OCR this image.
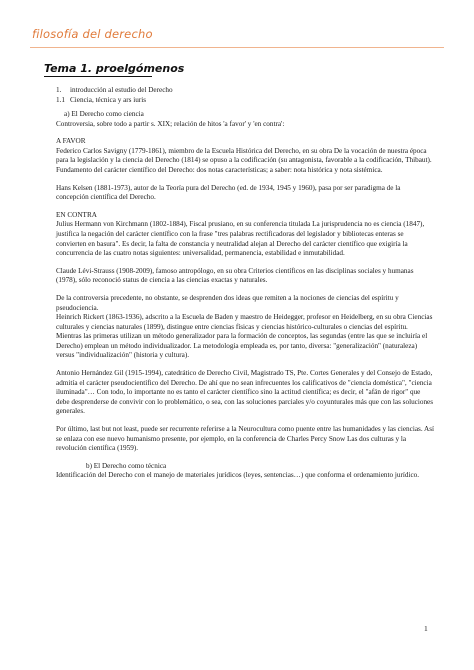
filosofía del derecho
Tema 1. proelgómenos
1.	introducción al estudio del Derecho
1.1 Ciencia, técnica y ars iuris

a) El Derecho como ciencia

Controversia, sobre todo a partir s. XIX; relación de hitos 'a favor' y 'en contra':

A FAVOR

Federico Carlos Savigny (1779-1861), miembro de la Escuela Histórica del Derecho, en su obra De la vocación de nuestra época para la legislación y la ciencia del Derecho (1814) se opuso a la codificación (su antagonista, favorable a la codificación, Thibaut). Fundamento del carácter científico del Derecho: dos notas características; a saber: nota histórica y nota sistémica.

Hans Kelsen (1881-1973), autor de la Teoría pura del Derecho (ed. de 1934, 1945 y 1960), pasa por ser paradigma de la concepción científica del Derecho.

EN CONTRA

Julius Hermann von Kirchmann (1802-1884), Fiscal prusiano, en su conferencia titulada La jurisprudencia no es ciencia (1847), justifica la negación del carácter científico con la frase "tres palabras rectificadoras del legislador y bibliotecas enteras se convierten en basura". Es decir, la falta de constancia y neutralidad alejan al Derecho del carácter científico que exigiría la concurrencia de las cuatro notas siguientes: universalidad, permanencia, estabilidad e inmutabilidad.

Claude Lévi-Strauss (1908-2009), famoso antropólogo, en su obra Criterios científicos en las disciplinas sociales y humanas (1978), sólo reconoció status de ciencia a las ciencias exactas y naturales.

De la controversia precedente, no obstante, se desprenden dos ideas que remiten a la nociones de ciencias del espíritu y pseudociencia.

Heinrich Rickert (1863-1936), adscrito a la Escuela de Baden y maestro de Heidegger, profesor en Heidelberg, en su obra Ciencias culturales y ciencias naturales (1899), distingue entre ciencias físicas y ciencias histórico-culturales o ciencias del espíritu. Mientras las primeras utilizan un método generalizador para la formación de conceptos, las segundas (entre las que se incluiría el Derecho) emplean un método individualizador. La metodología empleada es, por tanto, diversa: "generalización" (naturaleza) versus "individualización" (historia y cultura).

Antonio Hernández Gil (1915-1994), catedrático de Derecho Civil, Magistrado TS, Pte. Cortes Generales y del Consejo de Estado, admitía el carácter pseudocientífico del Derecho. De ahí que no sean infrecuentes los calificativos de "ciencia doméstica", "ciencia iluminada"… Con todo, lo importante no es tanto el carácter científico sino la actitud científica; es decir, el "afán de rigor" que debe desprenderse de convivir con lo problemático, o sea, con las soluciones parciales y/o coyunturales más que con las soluciones generales.

Por último, last but not least, puede ser recurrente referirse a la Neurocultura como puente entre las humanidades y las ciencias. Así se enlaza con ese nuevo humanismo presente, por ejemplo, en la conferencia de Charles Percy Snow Las dos culturas y la revolución científica (1959).

b) El Derecho como técnica

Identificación del Derecho con el manejo de materiales jurídicos (leyes, sentencias…) que conforma el ordenamiento jurídico.

1
